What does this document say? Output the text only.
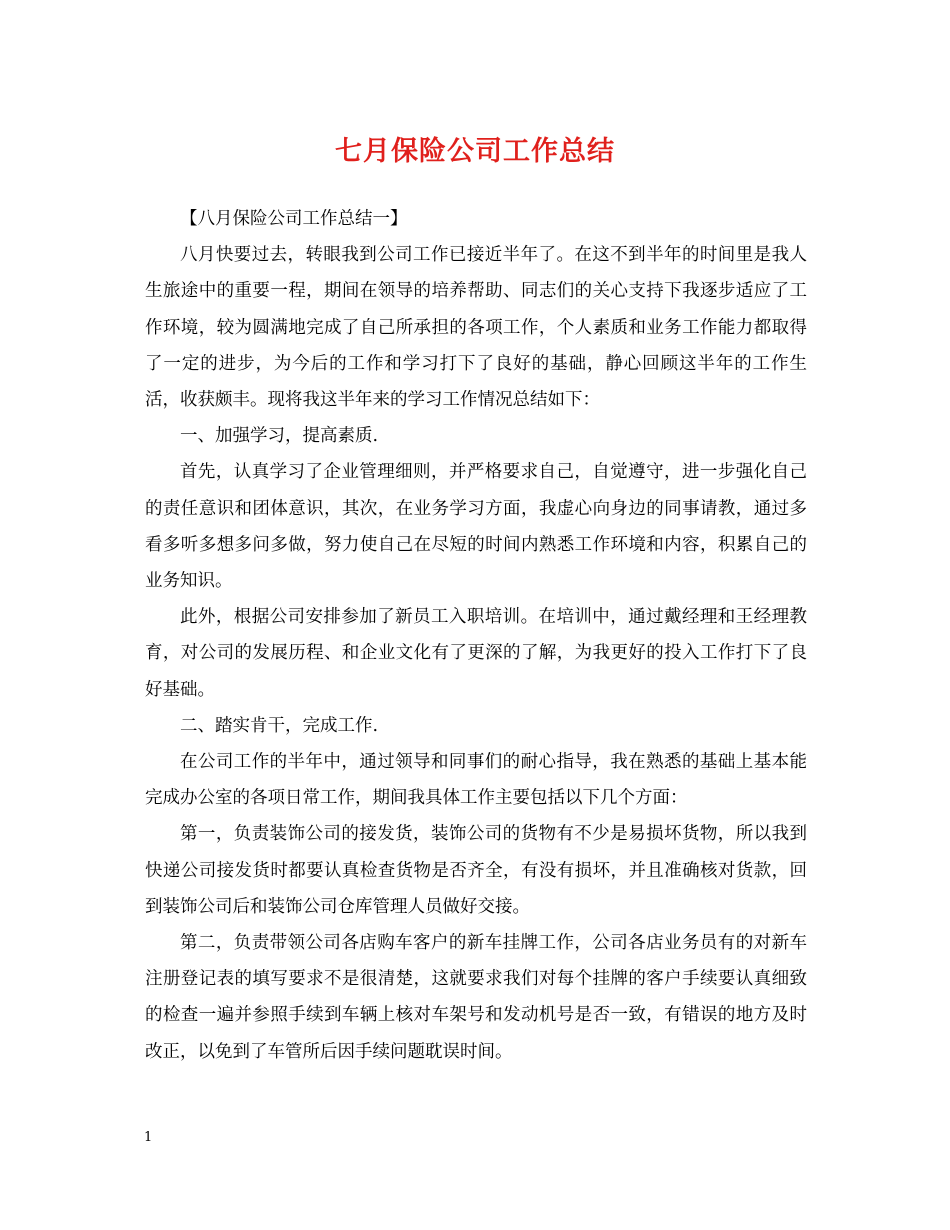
七月保险公司工作总结

【八月保险公司工作总结一】

八月快要过去，转眼我到公司工作已接近半年了。在这不到半年的时间里是我人生旅途中的重要一程，期间在领导的培养帮助、同志们的关心支持下我逐步适应了工作环境，较为圆满地完成了自己所承担的各项工作，个人素质和业务工作能力都取得了一定的进步，为今后的工作和学习打下了良好的基础，静心回顾这半年的工作生活，收获颇丰。现将我这半年来的学习工作情况总结如下：

一、加强学习，提高素质.

首先，认真学习了企业管理细则，并严格要求自己，自觉遵守，进一步强化自己的责任意识和团体意识，其次，在业务学习方面，我虚心向身边的同事请教，通过多看多听多想多问多做，努力使自己在尽短的时间内熟悉工作环境和内容，积累自己的业务知识。

此外，根据公司安排参加了新员工入职培训。在培训中，通过戴经理和王经理教育，对公司的发展历程、和企业文化有了更深的了解，为我更好的投入工作打下了良好基础。

二、踏实肯干，完成工作.

在公司工作的半年中，通过领导和同事们的耐心指导，我在熟悉的基础上基本能完成办公室的各项日常工作，期间我具体工作主要包括以下几个方面：

第一，负责装饰公司的接发货，装饰公司的货物有不少是易损坏货物，所以我到快递公司接发货时都要认真检查货物是否齐全，有没有损坏，并且准确核对货款，回到装饰公司后和装饰公司仓库管理人员做好交接。

第二，负责带领公司各店购车客户的新车挂牌工作，公司各店业务员有的对新车注册登记表的填写要求不是很清楚，这就要求我们对每个挂牌的客户手续要认真细致的检查一遍并参照手续到车辆上核对车架号和发动机号是否一致，有错误的地方及时改正，以免到了车管所后因手续问题耽误时间。

1
